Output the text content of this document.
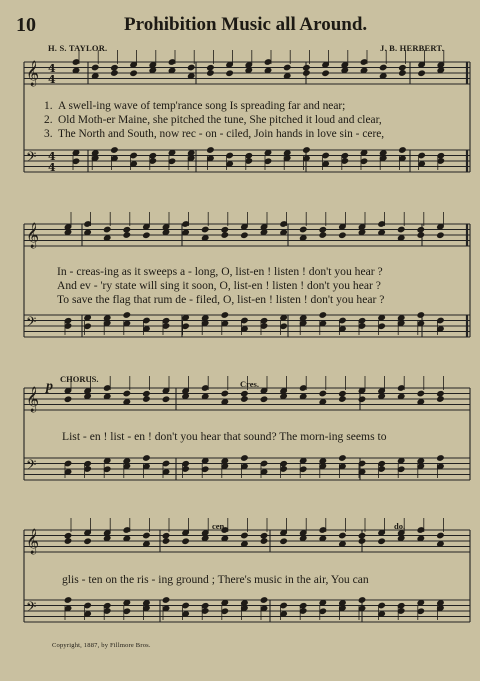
𝄞 4
4
𝄢 4
4
𝄞
𝄢
𝄞
𝄢
𝄞
𝄢
10	Prohibition Music all Around.
H. S. TAYLOR.	J. B. HERBERT.
1. A swell-ing wave of temp'rance song Is spreading far and near;
2. Old Moth-er Maine, she pitched the tune, She pitched it loud and clear,
3. The North and South, now rec - on - ciled, Join hands in love sin - cere,
In - creas-ing as it sweeps a - long, O, list-en ! listen ! don't you hear ?
And ev - 'ry state will sing it soon, O, list-en ! listen ! don't you hear ?
To save the flag that rum de - filed, O, list-en ! listen ! don't you hear ?
CHORUS.
p	Cres.
List - en ! list - en ! don't you hear that sound? The morn-ing seems to
cen	do.
glis - ten on the ris - ing ground ; There's music in the air, You can
Copyright, 1887, by Fillmore Bros.
